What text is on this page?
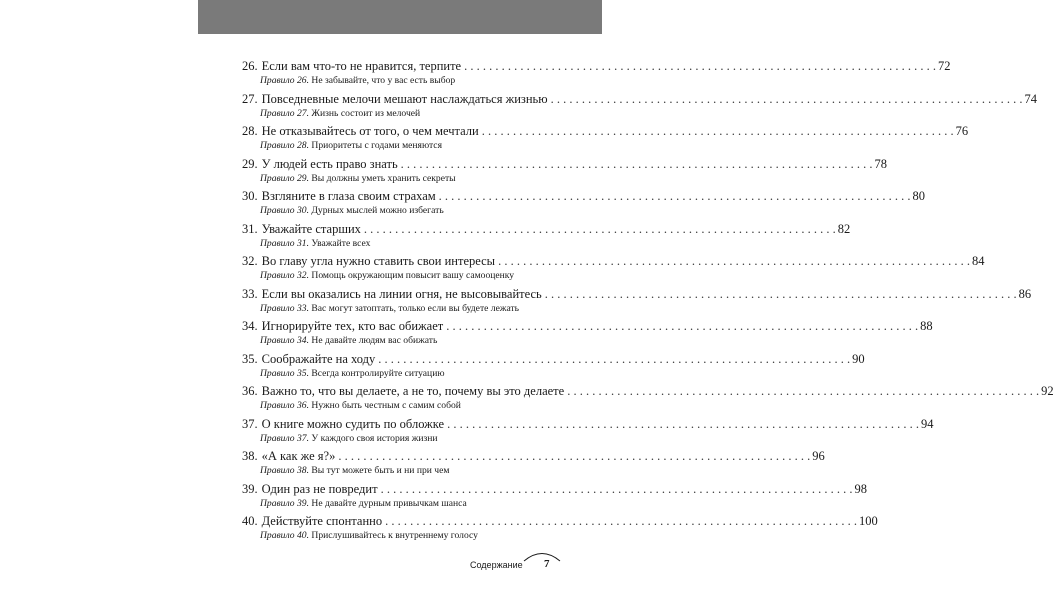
26. Если вам что-то не нравится, терпите . . .	72
Правило 26. Не забывайте, что у вас есть выбор
27. Повседневные мелочи мешают наслаждаться жизнью . . .	74
Правило 27. Жизнь состоит из мелочей
28. Не отказывайтесь от того, о чем мечтали . . .	76
Правило 28. Приоритеты с годами меняются
29. У людей есть право знать . . .	78
Правило 29. Вы должны уметь хранить секреты
30. Взгляните в глаза своим страхам . . .	80
Правило 30. Дурных мыслей можно избегать
31. Уважайте старших . . .	82
Правило 31. Уважайте всех
32. Во главу угла нужно ставить свои интересы . . .	84
Правило 32. Помощь окружающим повысит вашу самооценку
33. Если вы оказались на линии огня, не высовывайтесь . . .	86
Правило 33. Вас могут затоптать, только если вы будете лежать
34. Игнорируйте тех, кто вас обижает . . .	88
Правило 34. Не давайте людям вас обижать
35. Соображайте на ходу . . .	90
Правило 35. Всегда контролируйте ситуацию
36. Важно то, что вы делаете, а не то, почему вы это делаете . . .	92
Правило 36. Нужно быть честным с самим собой
37. О книге можно судить по обложке . . .	94
Правило 37. У каждого своя история жизни
38. «А как же я?» . . .	96
Правило 38. Вы тут можете быть и ни при чем
39. Один раз не повредит . . .	98
Правило 39. Не давайте дурным привычкам шанса
40. Действуйте спонтанно . . .	100
Правило 40. Прислушивайтесь к внутреннему голосу
Содержание 7
